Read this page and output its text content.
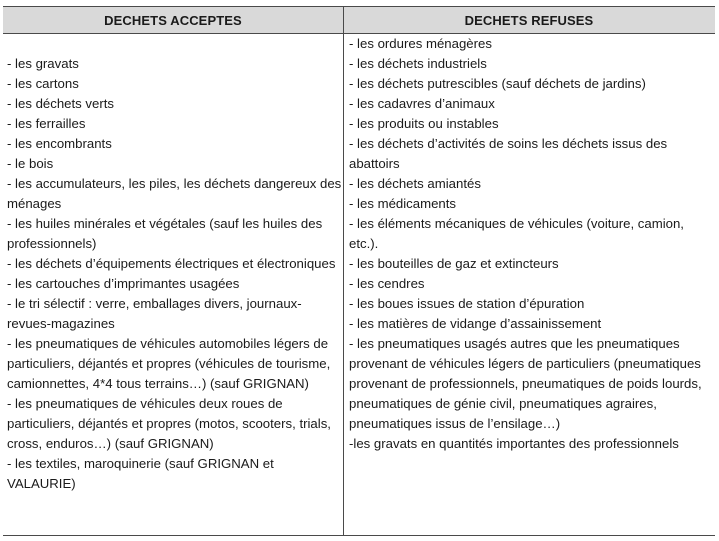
DECHETS ACCEPTES	DECHETS REFUSES
- les gravats
- les cartons
- les déchets verts
- les ferrailles
- les encombrants
- le bois
- les accumulateurs, les piles, les déchets dangereux des ménages
- les huiles minérales et végétales (sauf les huiles des professionnels)
- les déchets d’équipements électriques et électroniques
- les cartouches d’imprimantes usagées
- le tri sélectif : verre, emballages divers, journaux-revues-magazines
- les pneumatiques de véhicules automobiles légers de particuliers, déjantés et propres (véhicules de tourisme, camionnettes, 4*4 tous terrains…) (sauf GRIGNAN)
- les pneumatiques de véhicules deux roues de particuliers, déjantés et propres (motos, scooters, trials, cross, enduros…) (sauf GRIGNAN)
- les textiles, maroquinerie (sauf GRIGNAN et VALAURIE)
- les ordures ménagères
- les déchets industriels
- les déchets putrescibles (sauf déchets de jardins)
- les cadavres d’animaux
- les produits ou instables
- les déchets d’activités de soins les déchets issus des abattoirs
- les déchets amiantés
- les médicaments
- les éléments mécaniques de véhicules (voiture, camion, etc.).
- les bouteilles de gaz et extincteurs
- les cendres
- les boues issues de station d’épuration
- les matières de vidange d’assainissement
- les pneumatiques usagés autres que les pneumatiques provenant de véhicules légers de particuliers (pneumatiques provenant de professionnels, pneumatiques de poids lourds, pneumatiques de génie civil, pneumatiques agraires, pneumatiques issus de l’ensilage…)
-les gravats en quantités importantes des professionnels
